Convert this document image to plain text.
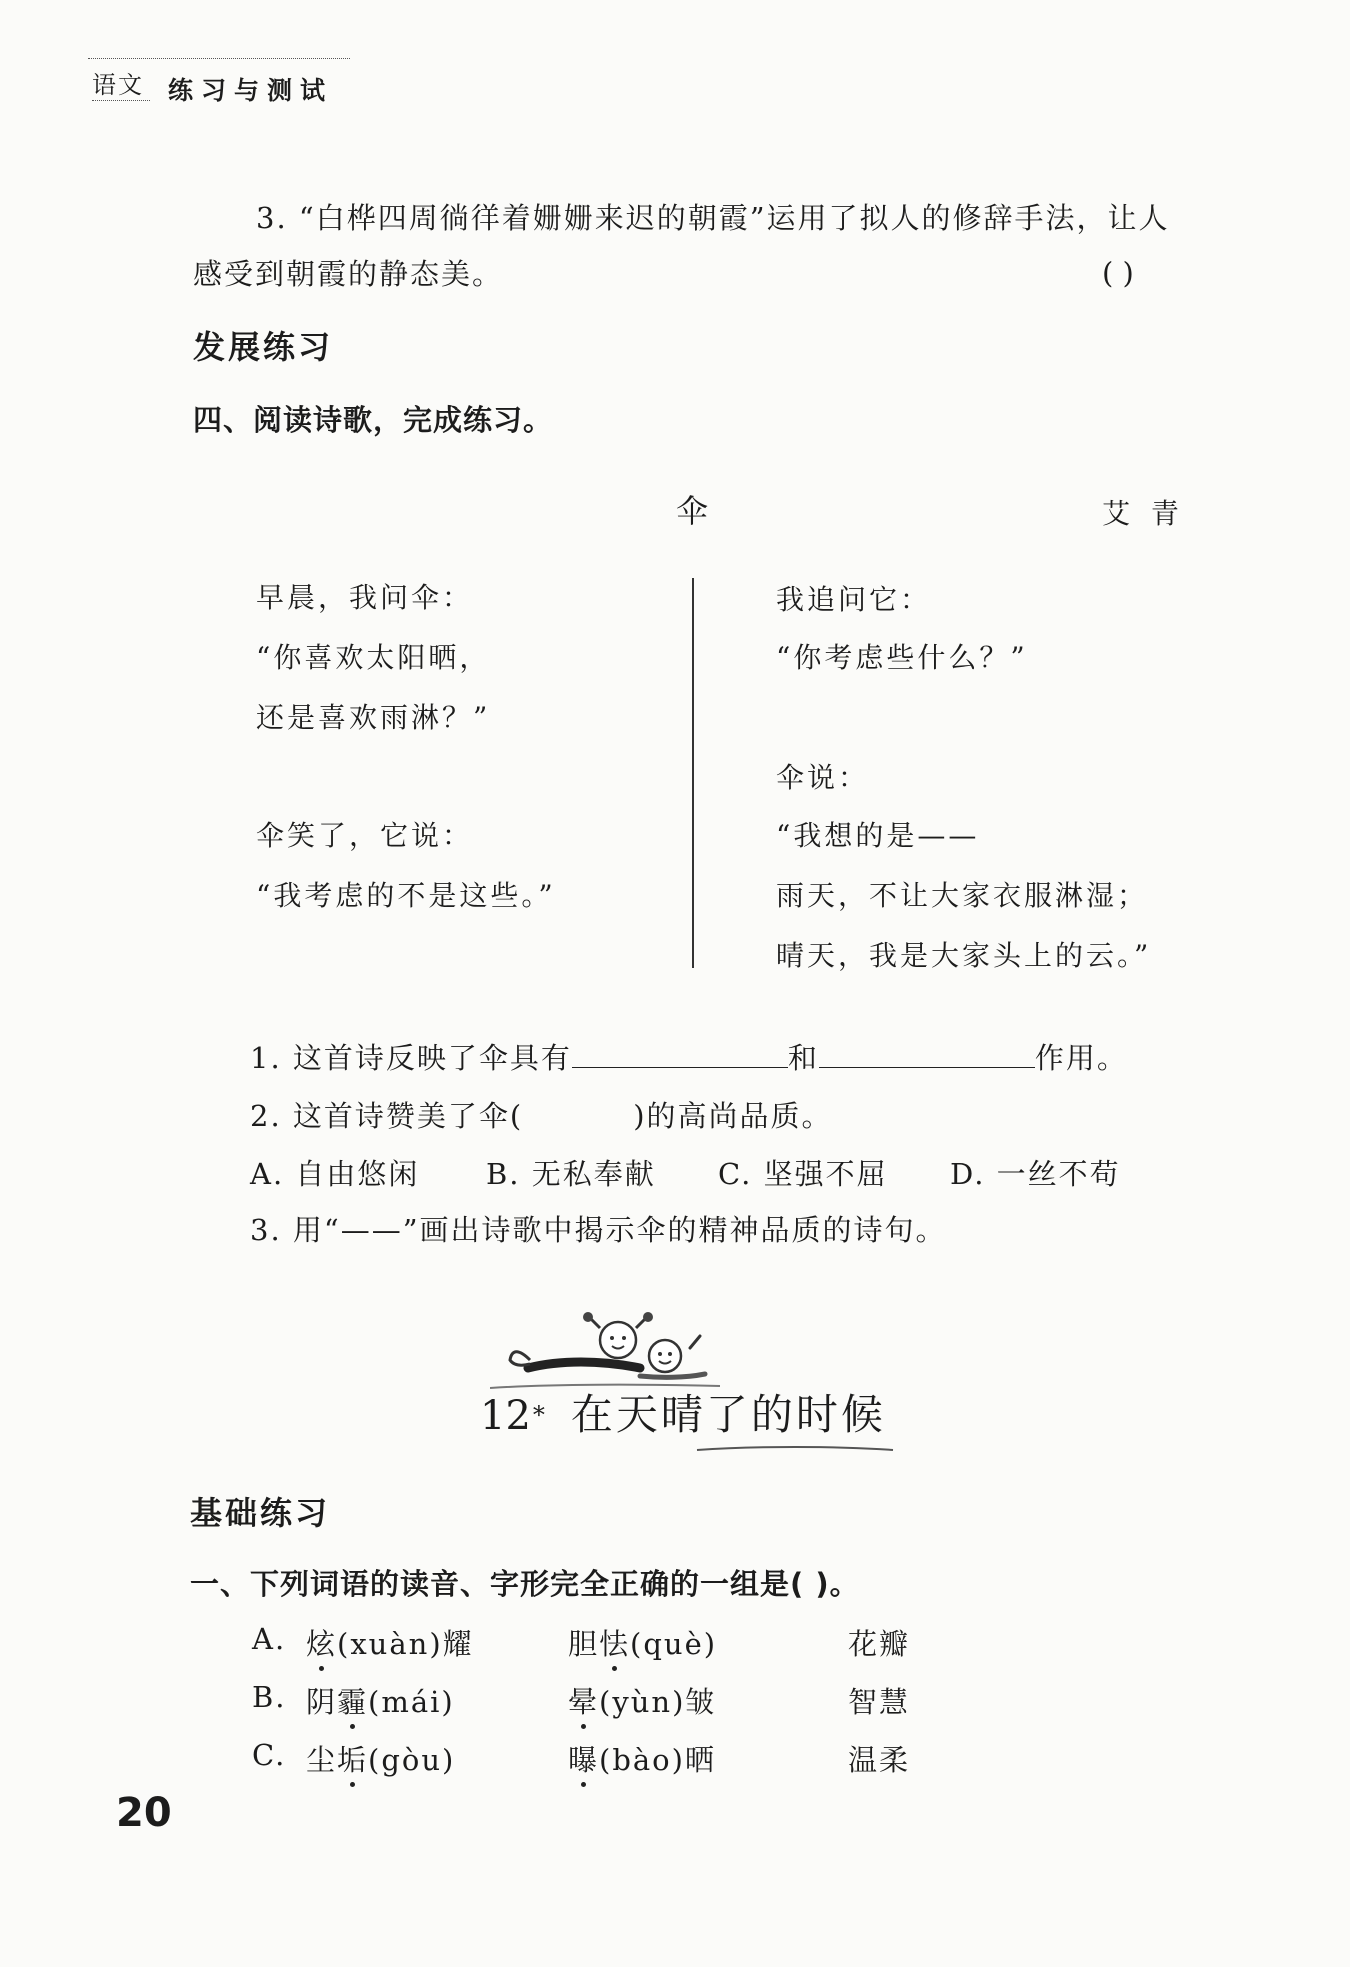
语文 练习与测试
3. “白桦四周徜徉着姗姗来迟的朝霞”运用了拟人的修辞手法，让人
感受到朝霞的静态美。	( )
发展练习
四、阅读诗歌，完成练习。
伞	艾 青
早晨，我问伞：
“你喜欢太阳晒，
还是喜欢雨淋？”
伞笑了，它说：
“我考虑的不是这些。”
我追问它：
“你考虑些什么？”
伞说：
“我想的是——
雨天，不让大家衣服淋湿；
晴天，我是大家头上的云。”
1. 这首诗反映了伞具有	和	作用。
2. 这首诗赞美了伞(	)的高尚品质。
A. 自由悠闲 B. 无私奉献 C. 坚强不屈 D. 一丝不苟
3. 用“——”画出诗歌中揭示伞的精神品质的诗句。
12* 在天晴了的时候
基础练习
一、下列词语的读音、字形完全正确的一组是( )。
A. 炫(xuàn)耀	胆怯(què)	花瓣
B. 阴霾(mái)	晕(yùn)皱	智慧
C. 尘垢(gòu)	曝(bào)晒	温柔
20
